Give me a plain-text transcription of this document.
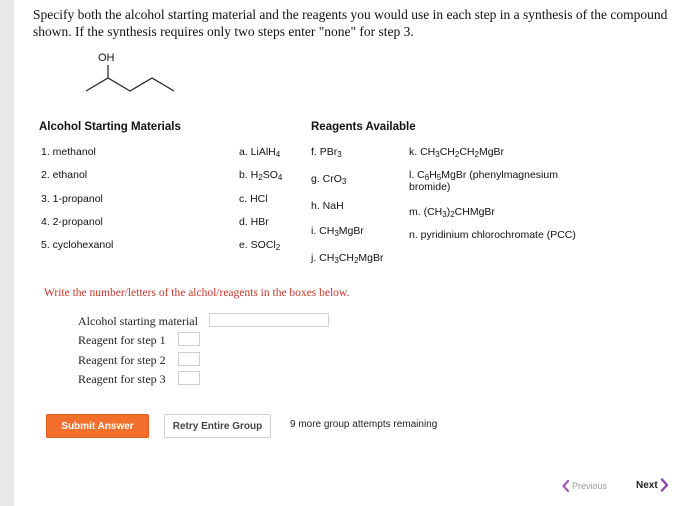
Specify both the alcohol starting material and the reagents you would use in each step in a synthesis of the compound shown. If the synthesis requires only two steps enter "none" for step 3.
OH
Alcohol Starting Materials
1. methanol
2. ethanol
3. 1-propanol
4. 2-propanol
5. cyclohexanol
Reagents Available
a. LiAlH$_4$
b. $H_2SO_4$
c. HCl
d. HBr
e. SOCl$_2$
f. PBr$_3$
g. CrO$_3$
h. NaH
i. $CH_3MgBr$
j. $CH_3CH_2MgBr$
k. $CH_3CH_2CH_2MgBr$
l. $C_6H_5MgBr$ (phenylmagnesium bromide)
m. $(CH_3)_2CHMgBr$
n. pyridinium chlorochromate (PCC)
Write the number/letters of the alchol/reagents in the boxes below.
Alcohol starting material
Reagent for step 1
Reagent for step 2
Reagent for step 3
Submit Answer	Retry Entire Group	9 more group attempts remaining
Previous	Next
